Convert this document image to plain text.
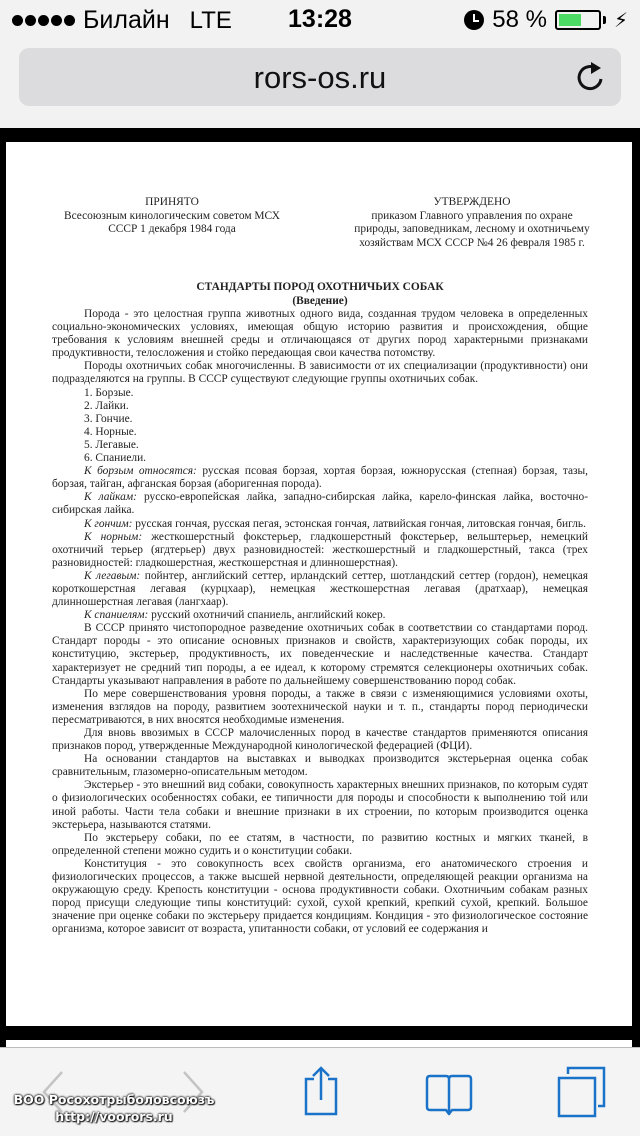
Билайн LTE	13:28	58 %	⚡︎
rors-os.ru
ПРИНЯТО
Всесоюзным кинологическим советом МСХ
СССР 1 декабря 1984 года
УТВЕРЖДЕНО
приказом Главного управления по охране
природы, заповедникам, лесному и охотничьему
хозяйствам МСХ СССР №4 26 февраля 1985 г.
СТАНДАРТЫ ПОРОД ОХОТНИЧЬИХ СОБАК
(Введение)

Порода - это целостная группа животных одного вида, созданная трудом человека в определенных социально-экономических условиях, имеющая общую историю развития и происхождения, общие требования к условиям внешней среды и отличающаяся от других пород характерными признаками продуктивности, телосложения и стойко передающая свои качества потомству.

Породы охотничьих собак многочисленны. В зависимости от их специализации (продуктивности) они подразделяются на группы. В СССР существуют следующие группы охотничьих собак.

1. Борзые.
2. Лайки.
3. Гончие.
4. Норные.
5. Легавые.
6. Спаниели.

К борзым относятся: русская псовая борзая, хортая борзая, южнорусская (степная) борзая, тазы, борзая, тайган, афганская борзая (аборигенная порода).

К лайкам: русско-европейская лайка, западно-сибирская лайка, карело-финская лайка, восточно-сибирская лайка.

К гончим: русская гончая, русская пегая, эстонская гончая, латвийская гончая, литовская гончая, бигль.

К норным: жесткошерстный фокстерьер, гладкошерстный фокстерьер, вельштерьер, немецкий охотничий терьер (ягдтерьер) двух разновидностей: жесткошерстный и гладкошерстный, такса (трех разновидностей: гладкошерстная, жесткошерстная и длинношерстная).

К легавым: пойнтер, английский сеттер, ирландский сеттер, шотландский сеттер (гордон), немецкая короткошерстная легавая (курцхаар), немецкая жесткошерстная легавая (дратхаар), немецкая длинношерстная легавая (лангхаар).

К спаниелям: русский охотничий спаниель, английский кокер.

В СССР принято чистопородное разведение охотничьих собак в соответствии со стандартами пород. Стандарт породы - это описание основных признаков и свойств, характеризующих собак породы, их конституцию, экстерьер, продуктивность, их поведенческие и наследственные качества. Стандарт характеризует не средний тип породы, а ее идеал, к которому стремятся селекционеры охотничьих собак. Стандарты указывают направления в работе по дальнейшему совершенствованию пород собак.

По мере совершенствования уровня породы, а также в связи с изменяющимися условиями охоты, изменения взглядов на породу, развитием зоотехнической науки и т. п., стандарты пород периодически пересматриваются, в них вносятся необходимые изменения.

Для вновь ввозимых в СССР малочисленных пород в качестве стандартов применяются описания признаков пород, утвержденные Международной кинологической федерацией (ФЦИ).

На основании стандартов на выставках и выводках производится экстерьерная оценка собак сравнительным, глазомерно-описательным методом.

Экстерьер - это внешний вид собаки, совокупность характерных внешних признаков, по которым судят о физиологических особенностях собаки, ее типичности для породы и способности к выполнению той или иной работы. Части тела собаки и внешние признаки в их строении, по которым производится оценка экстерьера, называются статями.

По экстерьеру собаки, по ее статям, в частности, по развитию костных и мягких тканей, в определенной степени можно судить и о конституции собаки.

Конституция - это совокупность всех свойств организма, его анатомического строения и физиологических процессов, а также высшей нервной деятельности, определяющей реакции организма на окружающую среду. Крепость конституции - основа продуктивности собаки. Охотничьим собакам разных пород присущи следующие типы конституций: сухой, сухой крепкий, крепкий сухой, крепкий. Большое значение при оценке собаки по экстерьеру придается кондициям. Кондиция - это физиологическое состояние организма, которое зависит от возраста, упитанности собаки, от условий ее содержания и

ВОО Росохотрыболовсоюзъ
http://voorors.ru
